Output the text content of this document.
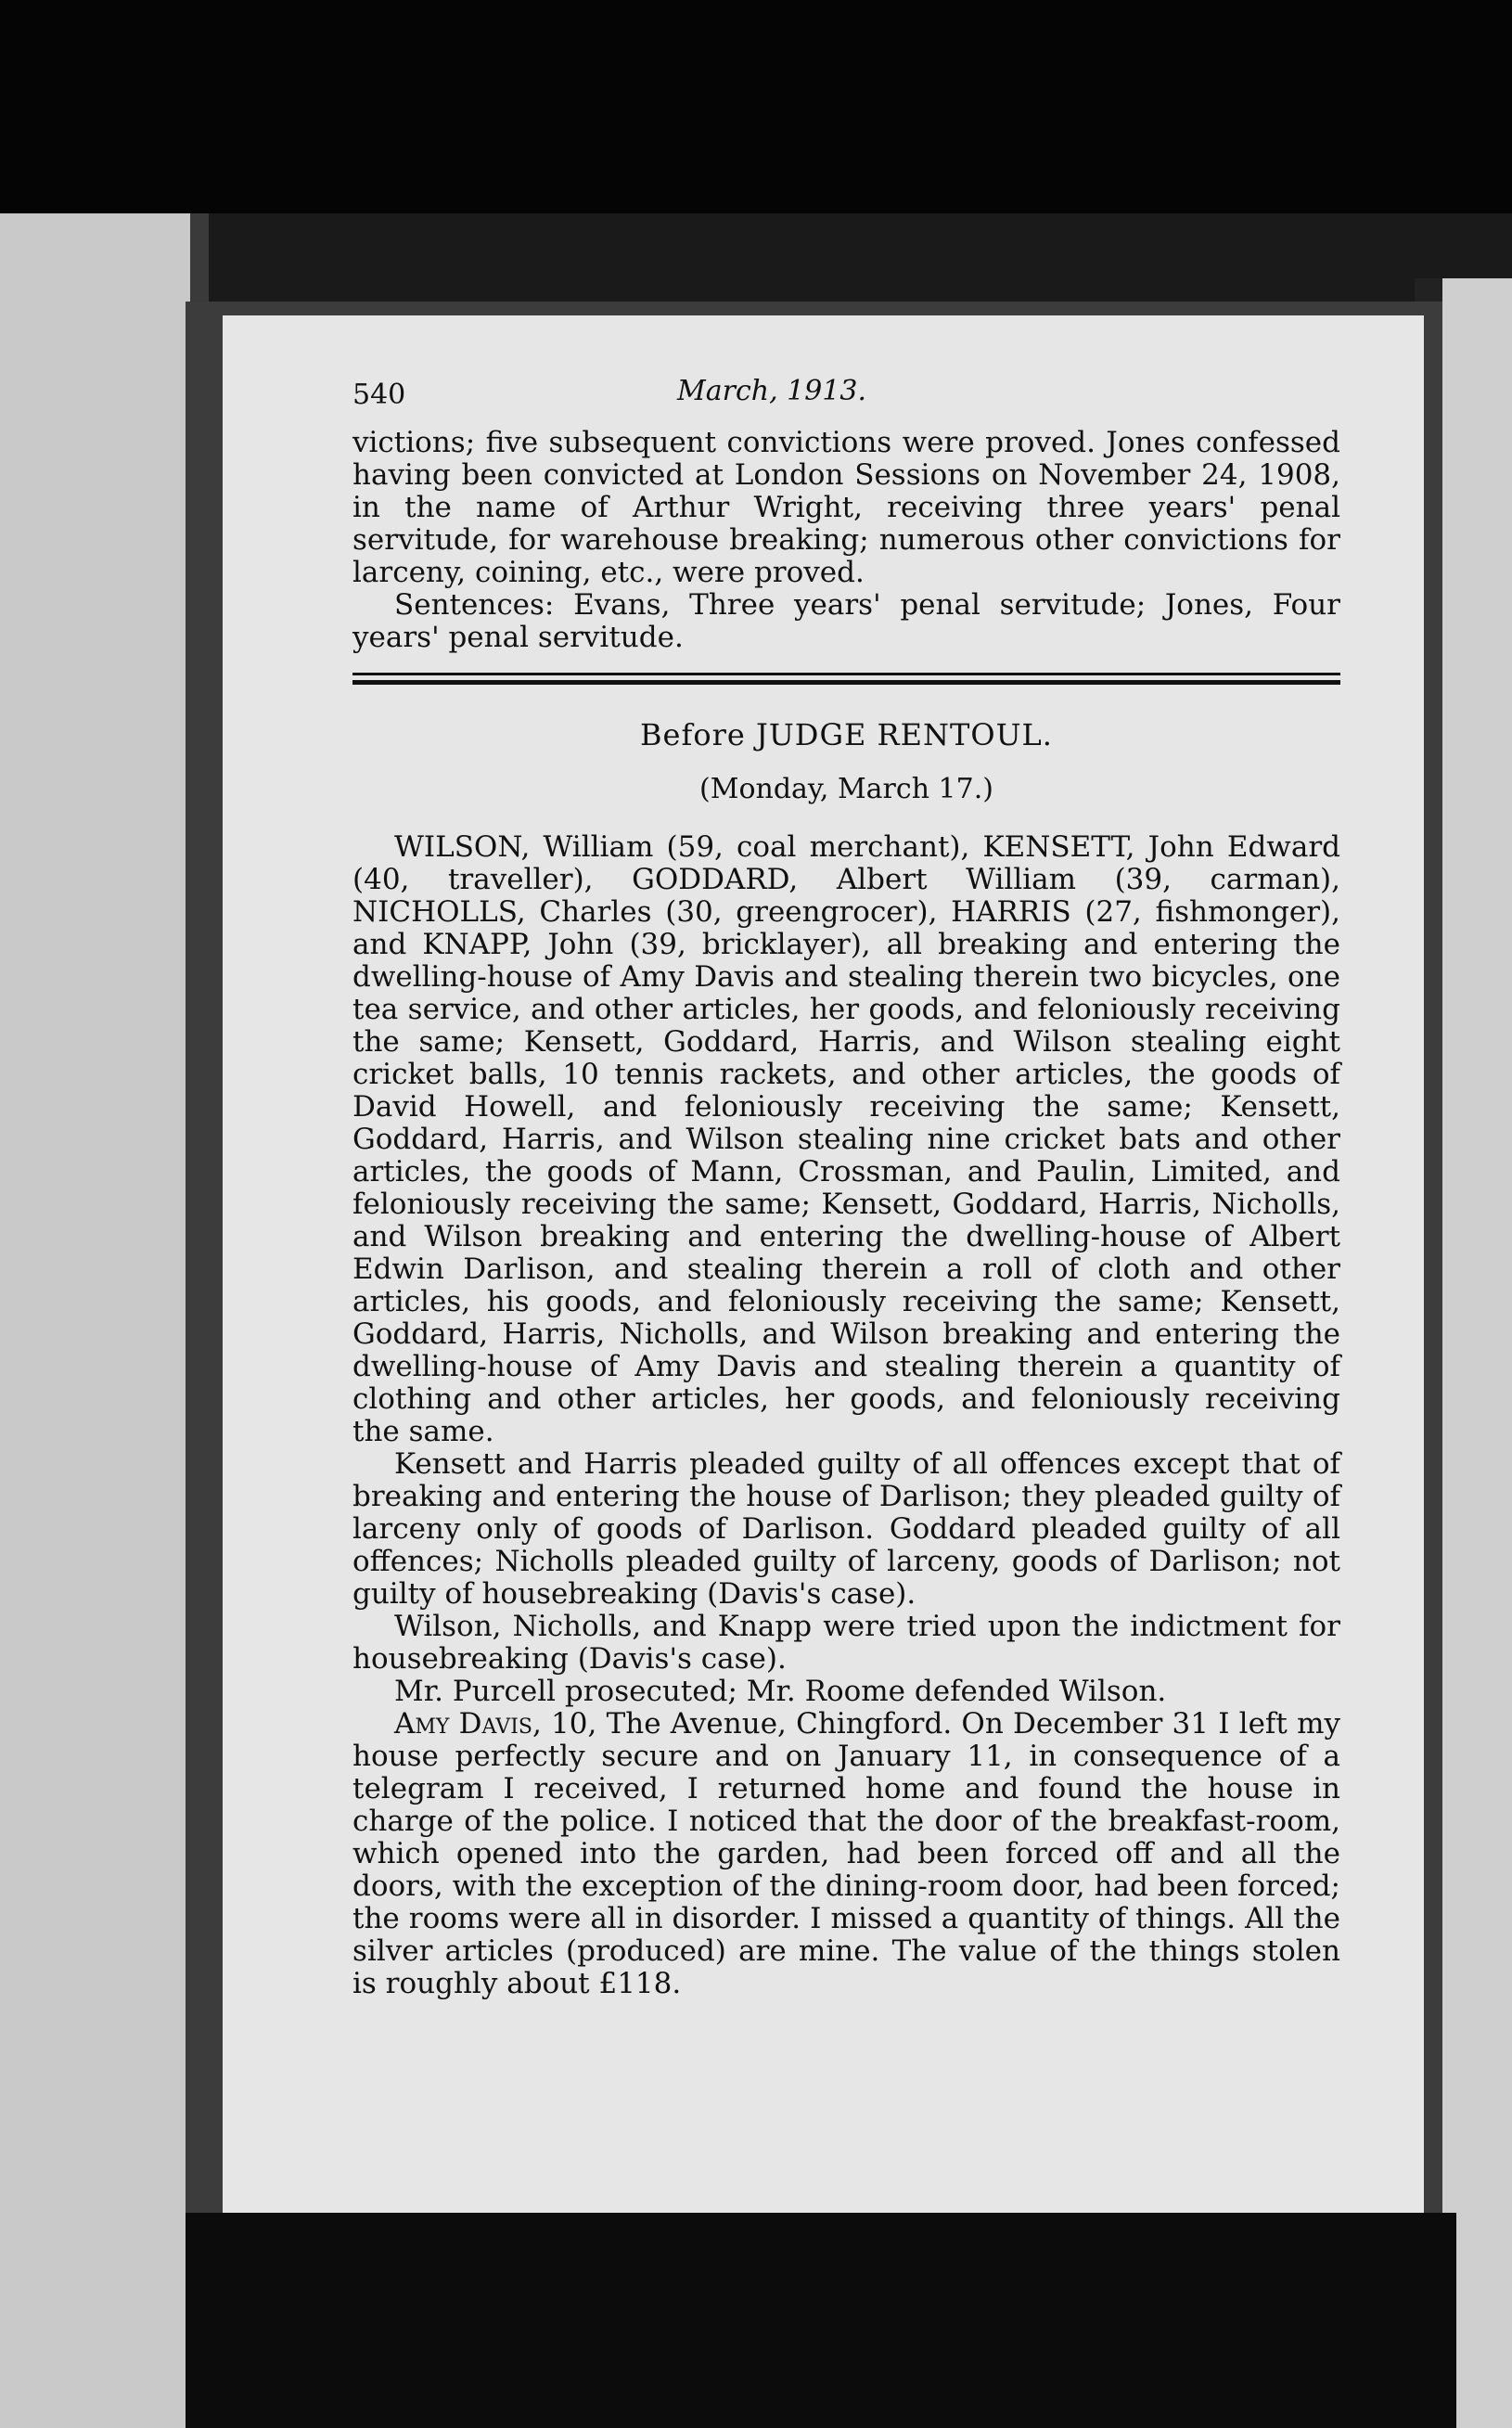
540	March, 1913.

victions; five subsequent convictions were proved. Jones confessed having been convicted at London Sessions on November 24, 1908, in the name of Arthur Wright, receiving three years' penal servitude, for warehouse breaking; numerous other convictions for larceny, coining, etc., were proved.

Sentences: Evans, Three years' penal servitude; Jones, Four years' penal servitude.

Before JUDGE RENTOUL.

(Monday, March 17.)

WILSON, William (59, coal merchant), KENSETT, John Edward (40, traveller), GODDARD, Albert William (39, carman), NICHOLLS, Charles (30, greengrocer), HARRIS (27, fishmonger), and KNAPP, John (39, bricklayer), all breaking and entering the dwelling-house of Amy Davis and stealing therein two bicycles, one tea service, and other articles, her goods, and feloniously receiving the same; Kensett, Goddard, Harris, and Wilson stealing eight cricket balls, 10 tennis rackets, and other articles, the goods of David Howell, and feloniously receiving the same; Kensett, Goddard, Harris, and Wilson stealing nine cricket bats and other articles, the goods of Mann, Crossman, and Paulin, Limited, and feloniously receiving the same; Kensett, Goddard, Harris, Nicholls, and Wilson breaking and entering the dwelling-house of Albert Edwin Darlison, and stealing therein a roll of cloth and other articles, his goods, and feloniously receiving the same; Kensett, Goddard, Harris, Nicholls, and Wilson breaking and entering the dwelling-house of Amy Davis and stealing therein a quantity of clothing and other articles, her goods, and feloniously receiving the same.

Kensett and Harris pleaded guilty of all offences except that of breaking and entering the house of Darlison; they pleaded guilty of larceny only of goods of Darlison. Goddard pleaded guilty of all offences; Nicholls pleaded guilty of larceny, goods of Darlison; not guilty of housebreaking (Davis's case).

Wilson, Nicholls, and Knapp were tried upon the indictment for housebreaking (Davis's case).

Mr. Purcell prosecuted; Mr. Roome defended Wilson.

Amy Davis, 10, The Avenue, Chingford. On December 31 I left my house perfectly secure and on January 11, in consequence of a telegram I received, I returned home and found the house in charge of the police. I noticed that the door of the breakfast-room, which opened into the garden, had been forced off and all the doors, with the exception of the dining-room door, had been forced; the rooms were all in disorder. I missed a quantity of things. All the silver articles (produced) are mine. The value of the things stolen is roughly about £118.
